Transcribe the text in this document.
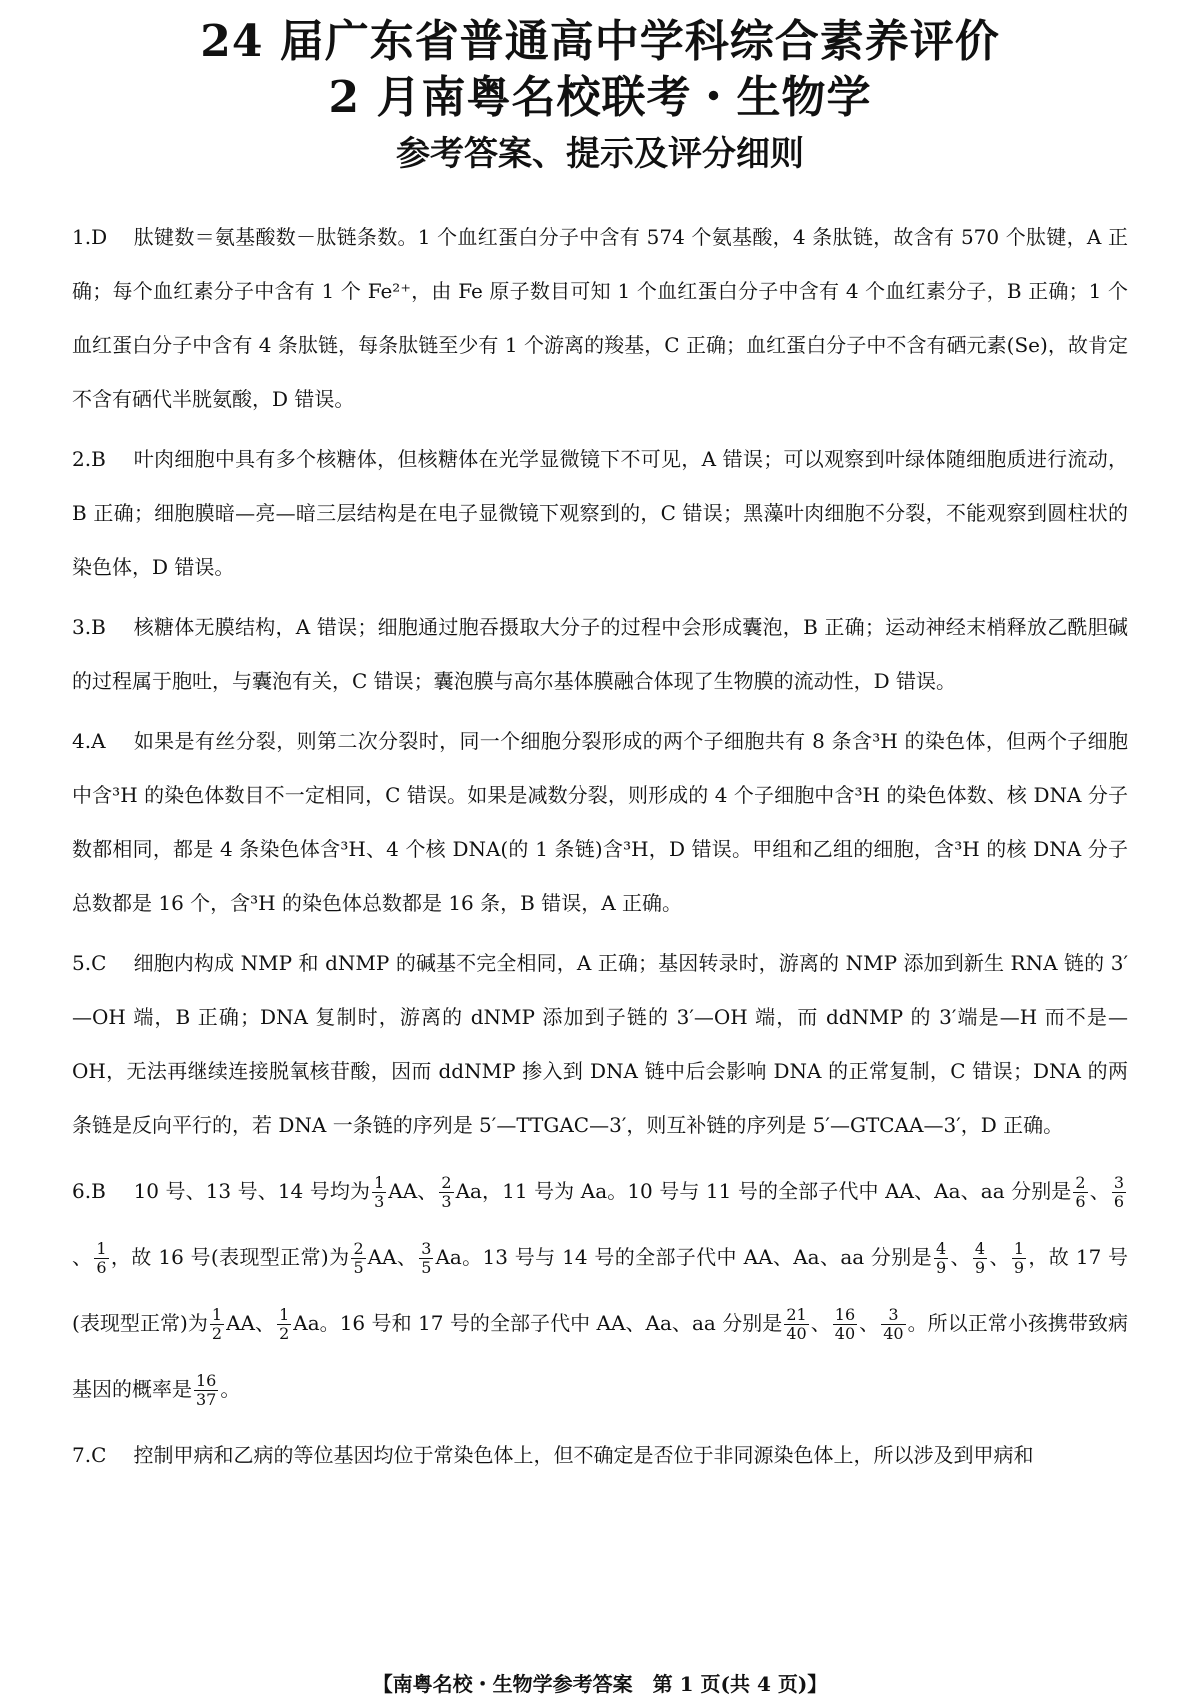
24 届广东省普通高中学科综合素养评价
2 月南粤名校联考・生物学
参考答案、提示及评分细则

1.D 肽键数＝氨基酸数－肽链条数。1 个血红蛋白分子中含有 574 个氨基酸，4 条肽链，故含有 570 个肽键，A 正确；每个血红素分子中含有 1 个 Fe²⁺，由 Fe 原子数目可知 1 个血红蛋白分子中含有 4 个血红素分子，B 正确；1 个血红蛋白分子中含有 4 条肽链，每条肽链至少有 1 个游离的羧基，C 正确；血红蛋白分子中不含有硒元素(Se)，故肯定不含有硒代半胱氨酸，D 错误。

2.B 叶肉细胞中具有多个核糖体，但核糖体在光学显微镜下不可见，A 错误；可以观察到叶绿体随细胞质进行流动，B 正确；细胞膜暗—亮—暗三层结构是在电子显微镜下观察到的，C 错误；黑藻叶肉细胞不分裂，不能观察到圆柱状的染色体，D 错误。

3.B 核糖体无膜结构，A 错误；细胞通过胞吞摄取大分子的过程中会形成囊泡，B 正确；运动神经末梢释放乙酰胆碱的过程属于胞吐，与囊泡有关，C 错误；囊泡膜与高尔基体膜融合体现了生物膜的流动性，D 错误。

4.A 如果是有丝分裂，则第二次分裂时，同一个细胞分裂形成的两个子细胞共有 8 条含³H 的染色体，但两个子细胞中含³H 的染色体数目不一定相同，C 错误。如果是减数分裂，则形成的 4 个子细胞中含³H 的染色体数、核 DNA 分子数都相同，都是 4 条染色体含³H、4 个核 DNA(的 1 条链)含³H，D 错误。甲组和乙组的细胞，含³H 的核 DNA 分子总数都是 16 个，含³H 的染色体总数都是 16 条，B 错误，A 正确。

5.C 细胞内构成 NMP 和 dNMP 的碱基不完全相同，A 正确；基因转录时，游离的 NMP 添加到新生 RNA 链的 3′—OH 端，B 正确；DNA 复制时，游离的 dNMP 添加到子链的 3′—OH 端，而 ddNMP 的 3′端是—H 而不是—OH，无法再继续连接脱氧核苷酸，因而 ddNMP 掺入到 DNA 链中后会影响 DNA 的正常复制，C 错误；DNA 的两条链是反向平行的，若 DNA 一条链的序列是 5′—TTGAC—3′，则互补链的序列是 5′—GTCAA—3′，D 正确。

6.B 10 号、13 号、14 号均为 $\frac{1}{3}$ AA、 $\frac{2}{3}$ Aa，11 号为 Aa。10 号与 11 号的全部子代中 AA、Aa、aa 分别是 $\frac{2}{6}$ 、 $\frac{3}{6}$
、 $\frac{1}{6}$ ，故 16 号(表现型正常)为 $\frac{2}{5}$ AA、 $\frac{3}{5}$ Aa。13 号与 14 号的全部子代中 AA、Aa、aa 分别是 $\frac{4}{9}$ 、 $\frac{4}{9}$ 、 $\frac{1}{9}$ ，故 17 号(表现型正常)为 $\frac{1}{2}$ AA、 $\frac{1}{2}$ Aa。16 号和 17 号的全部子代中 AA、Aa、aa 分别是 $\frac{21}{40}$ 、 $\frac{16}{40}$ 、 $\frac{3}{40}$ 。所以正常小孩携带致病基因的概率是 $\frac{16}{37}$ 。

7.C 控制甲病和乙病的等位基因均位于常染色体上，但不确定是否位于非同源染色体上，所以涉及到甲病和

【南粤名校・生物学参考答案　第 1 页(共 4 页)】
